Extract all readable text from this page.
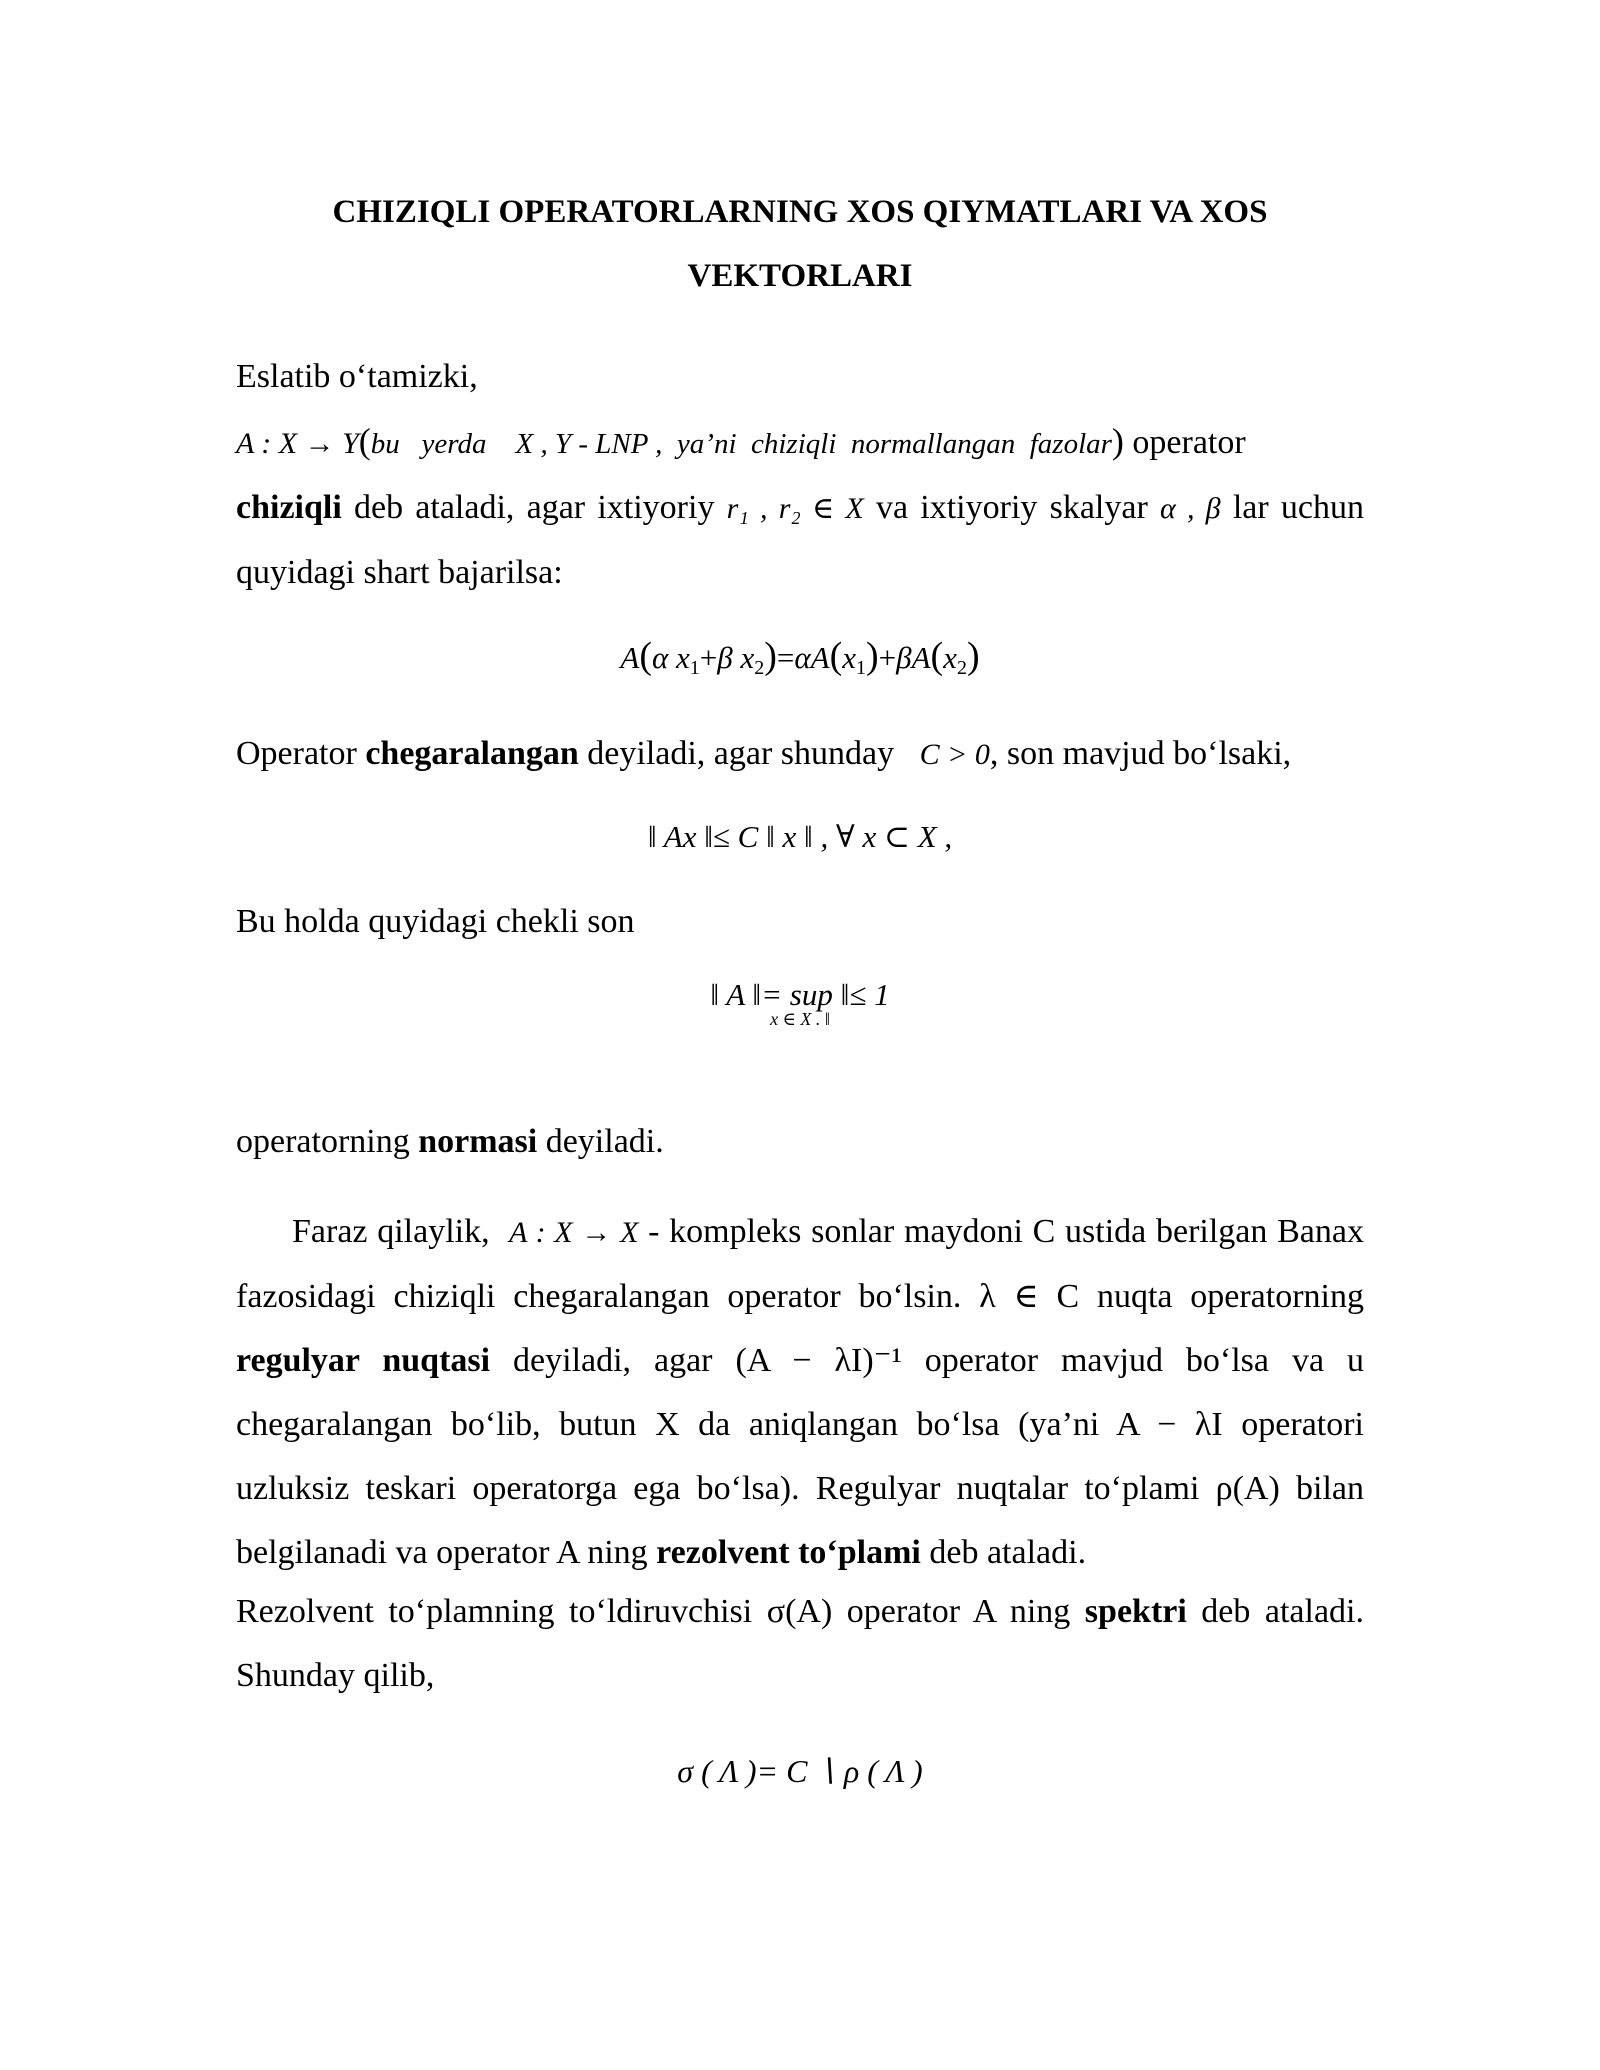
CHIZIQLI OPERATORLARNING XOS QIYMATLARI VA XOS

VEKTORLARI

Eslatib o‘tamizki,

A : X → Y(bu   yerda    X , Y - LNP ,  ya’ni  chiziqli  normallangan  fazolar) operator

chiziqli deb ataladi, agar ixtiyoriy r₁ , r₂ ∈ X va ixtiyoriy skalyar α , β lar uchun quyidagi shart bajarilsa:

A(α $x_1+\beta$ $x_2)=\alpha A(x_1)+\beta A(x_2)$

Operator chegaralangan deyiladi, agar shunday   C > 0, son mavjud bo‘lsaki,

‖ Ax ‖≤ C ‖ x ‖ , ∀ x ⊂ X ,

Bu holda quyidagi chekli son

‖ A ‖= sup ‖≤ 1
x ∈ X . ‖

operatorning normasi deyiladi.

Faraz qilaylik,  A : X → X - kompleks sonlar maydoni C ustida berilgan Banax fazosidagi chiziqli chegaralangan operator bo‘lsin. λ ∈ C nuqta operatorning regulyar nuqtasi deyiladi, agar (A − λI)⁻¹ operator mavjud bo‘lsa va u chegaralangan bo‘lib, butun X da aniqlangan bo‘lsa (ya’ni A − λI operatori uzluksiz teskari operatorga ega bo‘lsa). Regulyar nuqtalar to‘plami ρ(A) bilan belgilanadi va operator A ning rezolvent to‘plami deb ataladi.

Rezolvent to‘plamning to‘ldiruvchisi σ(A) operator A ning spektri deb ataladi. Shunday qilib,

σ ( Λ )= C ∖ ρ ( Λ )
